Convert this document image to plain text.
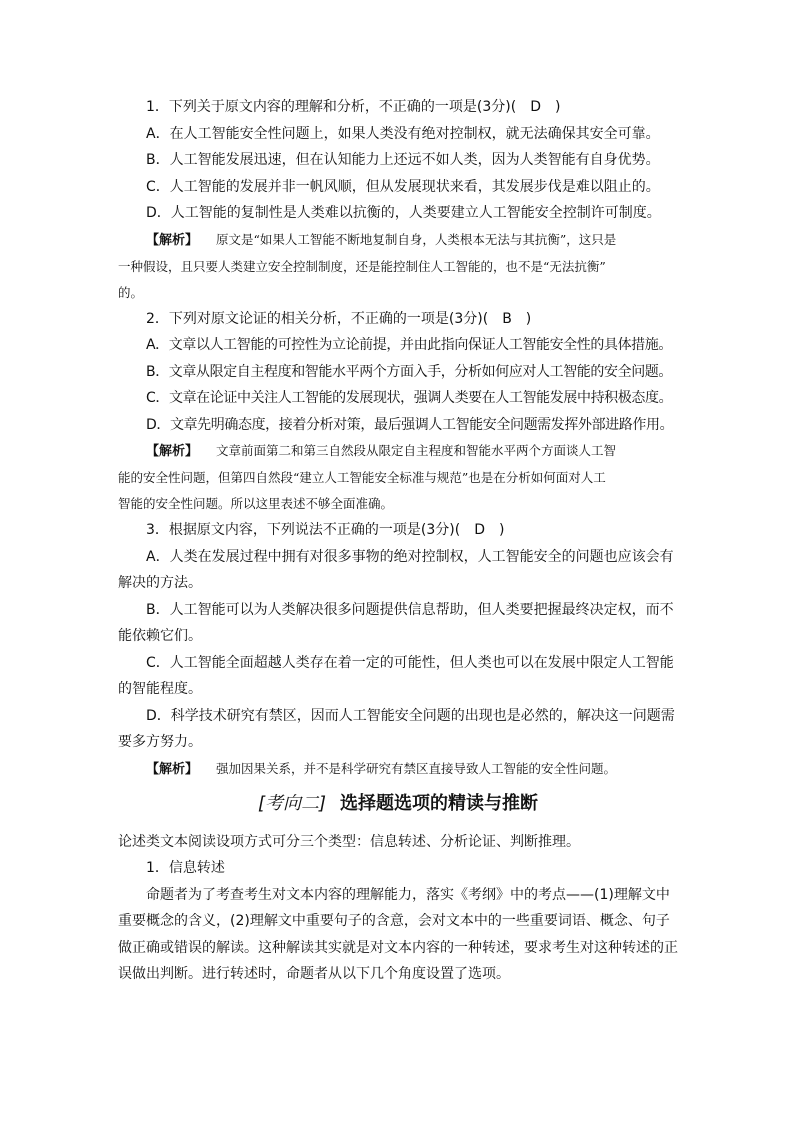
1．下列关于原文内容的理解和分析，不正确的一项是(3分)(　D　)
A．在人工智能安全性问题上，如果人类没有绝对控制权，就无法确保其安全可靠。
B．人工智能发展迅速，但在认知能力上还远不如人类，因为人类智能有自身优势。
C．人工智能的发展并非一帆风顺，但从发展现状来看，其发展步伐是难以阻止的。
D．人工智能的复制性是人类难以抗衡的，人类要建立人工智能安全控制许可制度。
【解析】 原文是“如果人工智能不断地复制自身，人类根本无法与其抗衡”，这只是
一种假设，且只要人类建立安全控制制度，还是能控制住人工智能的，也不是“无法抗衡”
的。
2．下列对原文论证的相关分析，不正确的一项是(3分)(　B　)
A．文章以人工智能的可控性为立论前提，并由此指向保证人工智能安全性的具体措施。
B．文章从限定自主程度和智能水平两个方面入手，分析如何应对人工智能的安全问题。
C．文章在论证中关注人工智能的发展现状，强调人类要在人工智能发展中持积极态度。
D．文章先明确态度，接着分析对策，最后强调人工智能安全问题需发挥外部进路作用。
【解析】 文章前面第二和第三自然段从限定自主程度和智能水平两个方面谈人工智
能的安全性问题，但第四自然段“建立人工智能安全标准与规范”也是在分析如何面对人工
智能的安全性问题。所以这里表述不够全面准确。
3．根据原文内容，下列说法不正确的一项是(3分)(　D　)
A．人类在发展过程中拥有对很多事物的绝对控制权，人工智能安全的问题也应该会有
解决的方法。
B．人工智能可以为人类解决很多问题提供信息帮助，但人类要把握最终决定权，而不
能依赖它们。
C．人工智能全面超越人类存在着一定的可能性，但人类也可以在发展中限定人工智能
的智能程度。
D．科学技术研究有禁区，因而人工智能安全问题的出现也是必然的，解决这一问题需
要多方努力。
【解析】 强加因果关系，并不是科学研究有禁区直接导致人工智能的安全性问题。
[考向二] 选择题选项的精读与推断
论述类文本阅读设项方式可分三个类型：信息转述、分析论证、判断推理。
1．信息转述
命题者为了考查考生对文本内容的理解能力，落实《考纲》中的考点——(1)理解文中
重要概念的含义，(2)理解文中重要句子的含意，会对文本中的一些重要词语、概念、句子
做正确或错误的解读。这种解读其实就是对文本内容的一种转述，要求考生对这种转述的正
误做出判断。进行转述时，命题者从以下几个角度设置了选项。
